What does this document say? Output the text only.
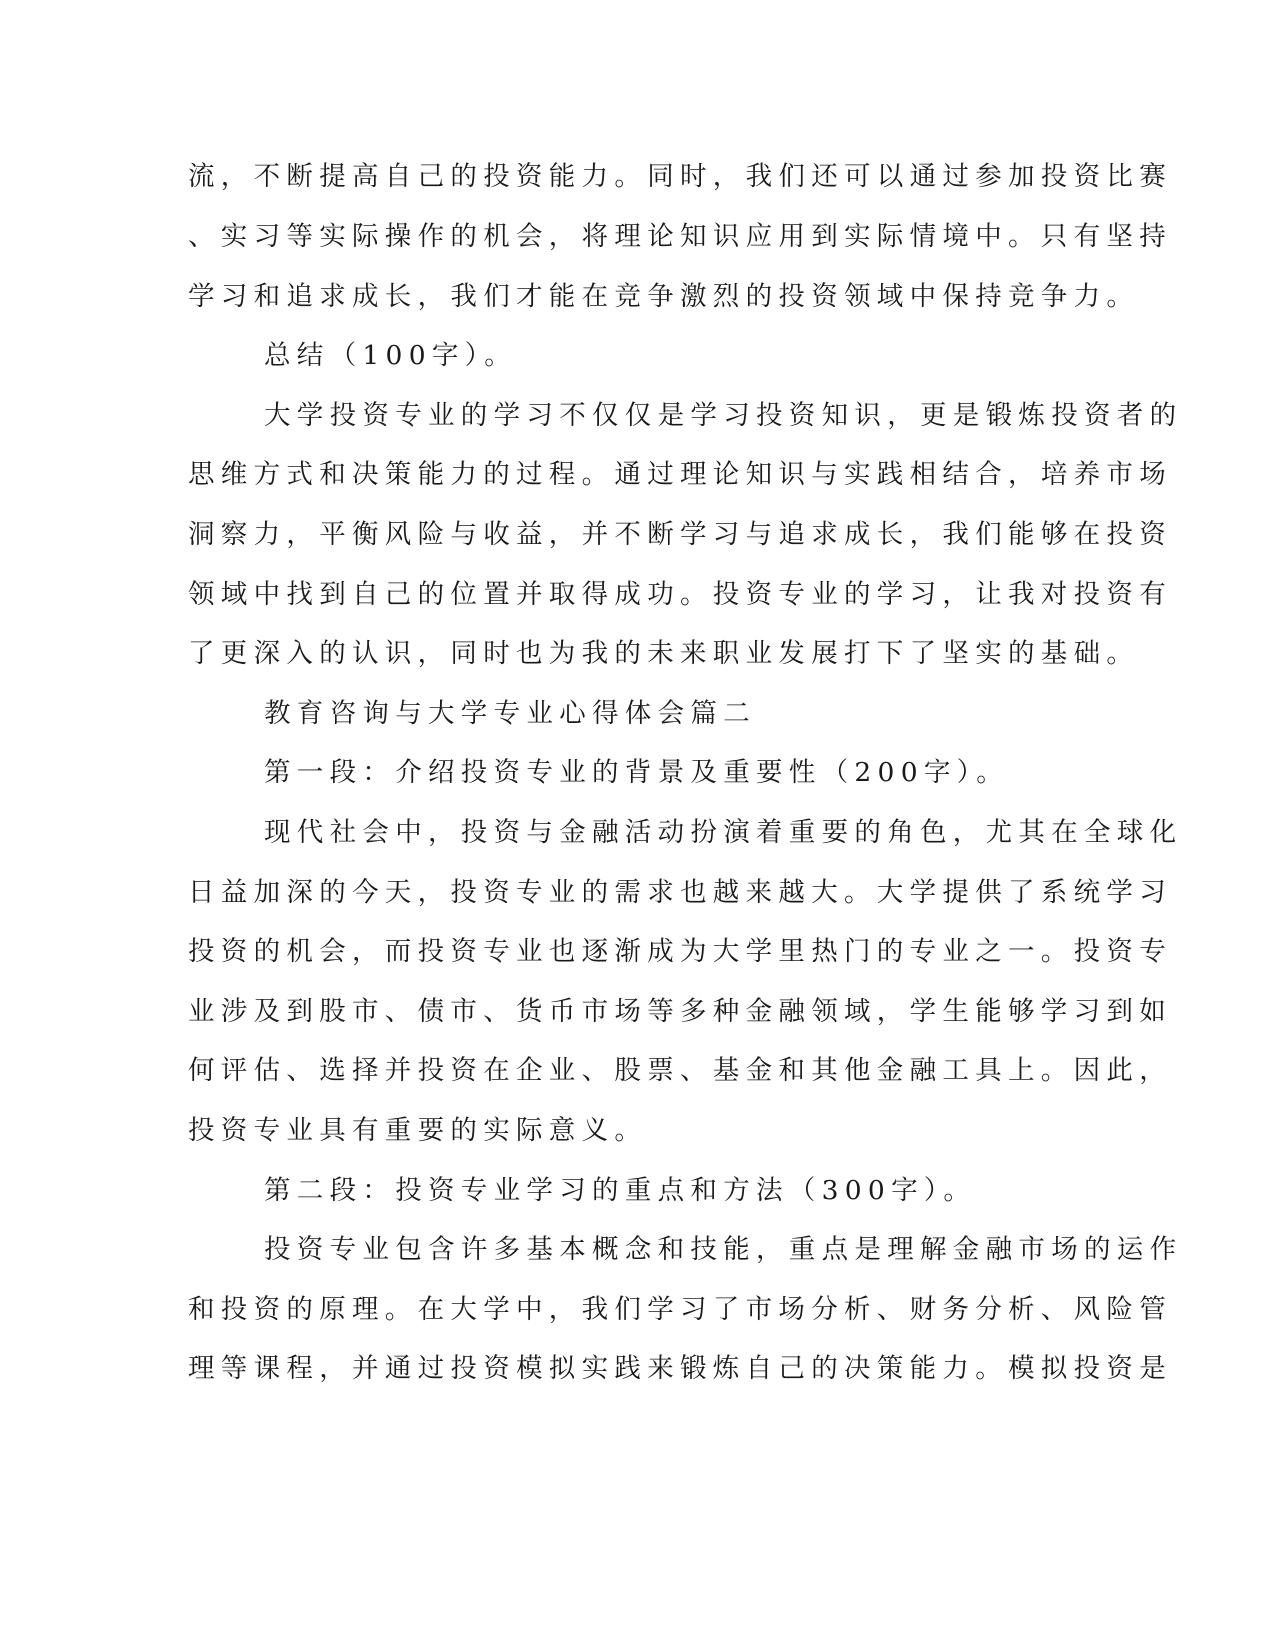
流，不断提高自己的投资能力。同时，我们还可以通过参加投资比赛
、实习等实际操作的机会，将理论知识应用到实际情境中。只有坚持
学习和追求成长，我们才能在竞争激烈的投资领域中保持竞争力。
总结（100字）。
大学投资专业的学习不仅仅是学习投资知识，更是锻炼投资者的
思维方式和决策能力的过程。通过理论知识与实践相结合，培养市场
洞察力，平衡风险与收益，并不断学习与追求成长，我们能够在投资
领域中找到自己的位置并取得成功。投资专业的学习，让我对投资有
了更深入的认识，同时也为我的未来职业发展打下了坚实的基础。
教育咨询与大学专业心得体会篇二
第一段：介绍投资专业的背景及重要性（200字）。
现代社会中，投资与金融活动扮演着重要的角色，尤其在全球化
日益加深的今天，投资专业的需求也越来越大。大学提供了系统学习
投资的机会，而投资专业也逐渐成为大学里热门的专业之一。投资专
业涉及到股市、债市、货币市场等多种金融领域，学生能够学习到如
何评估、选择并投资在企业、股票、基金和其他金融工具上。因此，
投资专业具有重要的实际意义。
第二段：投资专业学习的重点和方法（300字）。
投资专业包含许多基本概念和技能，重点是理解金融市场的运作
和投资的原理。在大学中，我们学习了市场分析、财务分析、风险管
理等课程，并通过投资模拟实践来锻炼自己的决策能力。模拟投资是
